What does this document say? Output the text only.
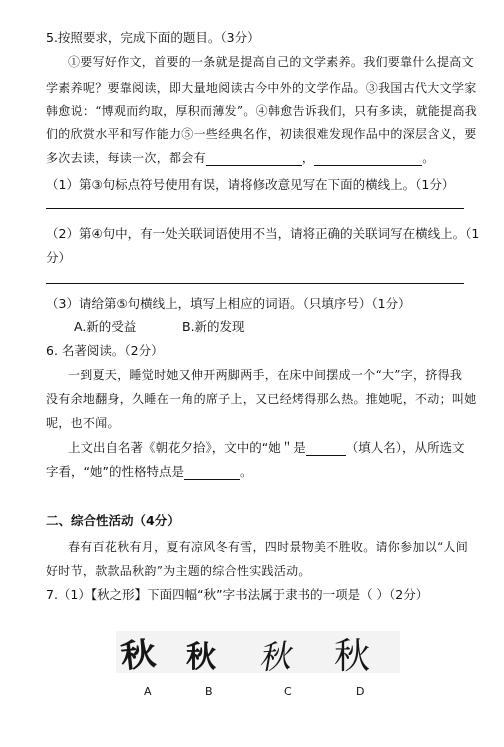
5.按照要求，完成下面的题目。（3分）
①要写好作文，首要的一条就是提高自己的文学素养。我们要靠什么提高文
学素养呢？要靠阅读，即大量地阅读古今中外的文学作品。③我国古代大文学家
韩愈说：“博观而约取，厚积而薄发”。④韩愈告诉我们，只有多读，就能提高我
们的欣赏水平和写作能力⑤一些经典名作，初读很难发现作品中的深层含义，要
多次去读，每读一次，都会有	，	。
（1）第③句标点符号使用有误，请将修改意见写在下面的横线上。（1分）
（2）第④句中，有一处关联词语使用不当，请将正确的关联词写在横线上。（1
分）
（3）请给第⑤句横线上，填写上相应的词语。（只填序号）（1分）
A.新的受益	B.新的发现
6. 名著阅读。（2分）
一到夏天，睡觉时她又伸开两脚两手，在床中间摆成一个“大”字，挤得我
没有余地翻身，久睡在一角的席子上，又已经烤得那么热。推她呢，不动；叫她
呢，也不闻。
上文出自名著《朝花夕拾》，文中的“她＂是	（填人名），从所选文
字看，“她”的性格特点是	。
二、综合性活动（4分）
春有百花秋有月，夏有凉风冬有雪，四时景物美不胜收。请你参加以“人间
好时节，款款品秋韵”为主题的综合性实践活动。
7.（1）【秋之形】下面四幅“秋”字书法属于隶书的一项是（ ）（2分）
秋 秋 秋 秋
A	B	C	D
